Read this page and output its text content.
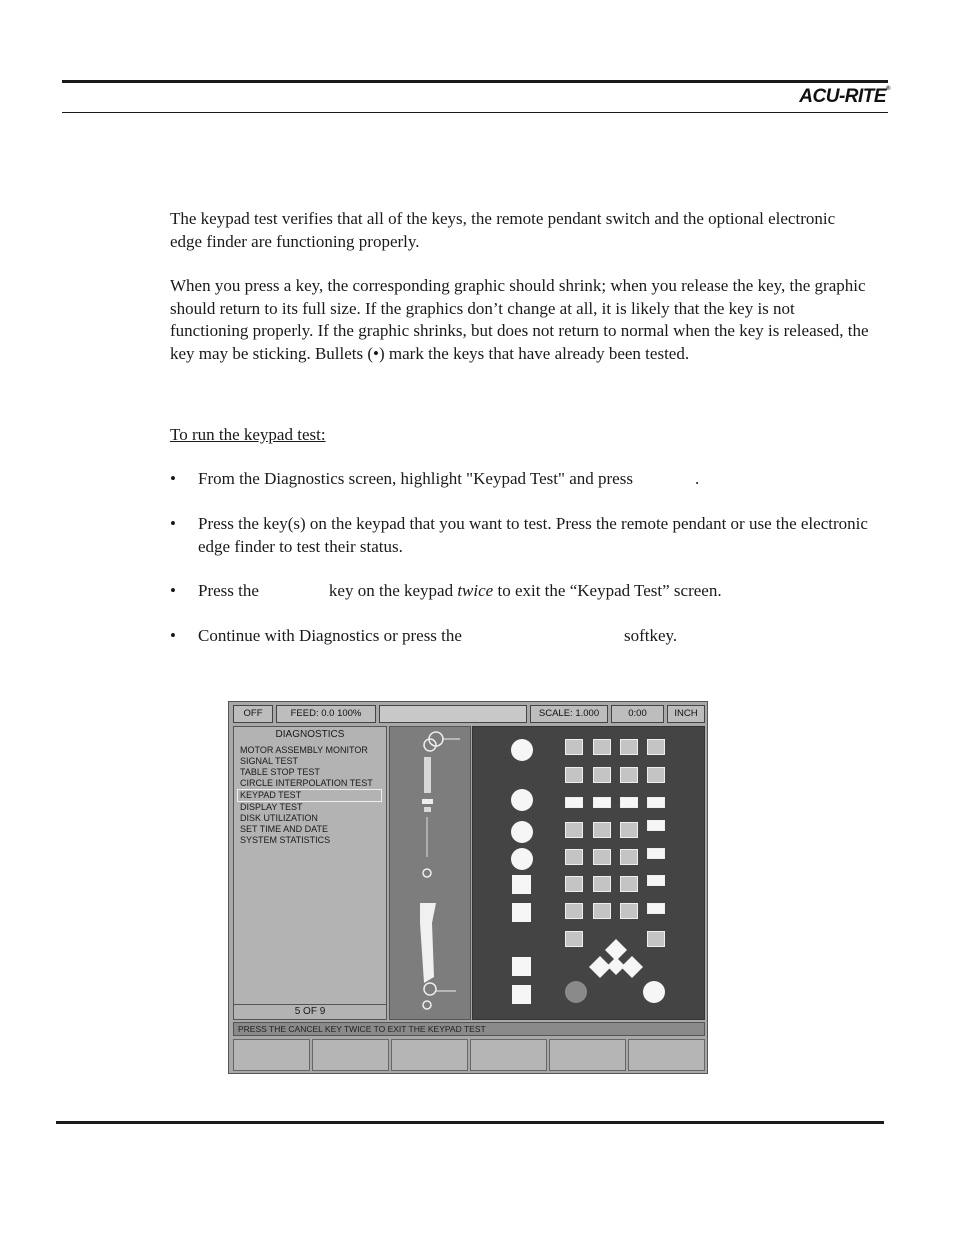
ACU-RITE®
The keypad test verifies that all of the keys, the remote pendant switch and the optional electronic edge finder are functioning properly.
When you press a key, the corresponding graphic should shrink; when you release the key, the graphic should return to its full size. If the graphics don’t change at all, it is likely that the key is not functioning properly. If the graphic shrinks, but does not return to normal when the key is released, the key may be sticking. Bullets (•) mark the keys that have already been tested.
To run the keypad test:
• From the Diagnostics screen, highlight "Keypad Test" and press	.
• Press the key(s) on the keypad that you want to test. Press the remote pendant or use the electronic edge finder to test their status.
• Press the	key on the keypad twice to exit the “Keypad Test” screen.
• Continue with Diagnostics or press the	softkey.
OFF	FEED: 0.0 100%	SCALE: 1.000	0:00	INCH
DIAGNOSTICS
MOTOR ASSEMBLY MONITOR
SIGNAL TEST
TABLE STOP TEST
CIRCLE INTERPOLATION TEST
KEYPAD TEST
DISPLAY TEST
DISK UTILIZATION
SET TIME AND DATE
SYSTEM STATISTICS
5 OF 9
PRESS THE CANCEL KEY TWICE TO EXIT THE KEYPAD TEST
